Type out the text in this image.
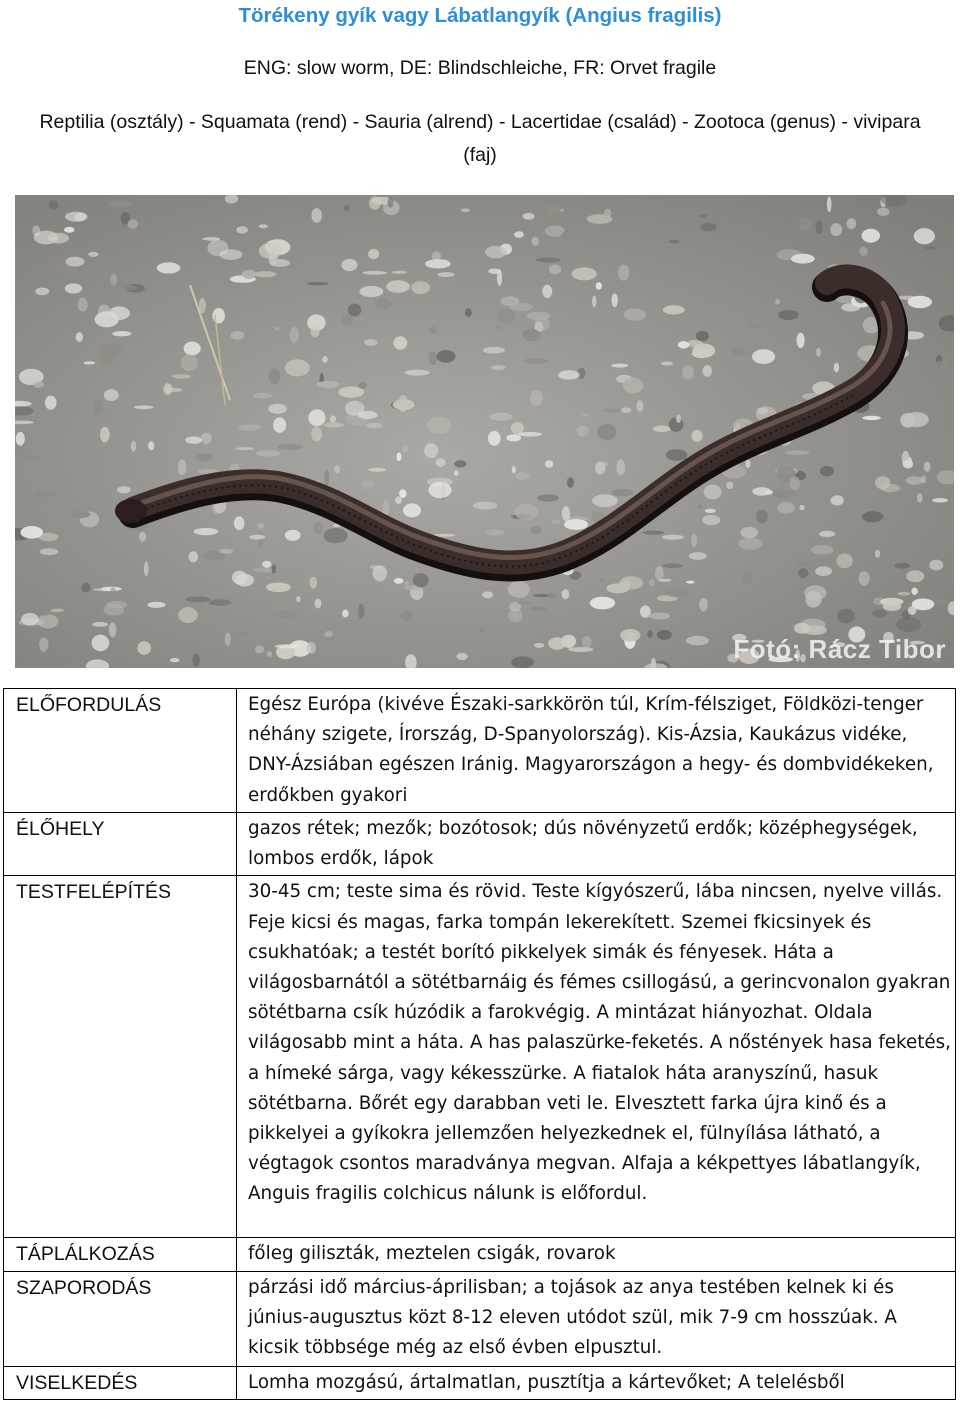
Törékeny gyík vagy Lábatlangyík (Angius fragilis)
ENG: slow worm, DE: Blindschleiche, FR: Orvet fragile
Reptilia (osztály) - Squamata (rend) - Sauria (alrend) - Lacertidae (család) - Zootoca (genus) - vivipara (faj)
Fotó: Rácz Tibor
ELŐFORDULÁS	Egész Európa (kivéve Északi-sarkkörön túl, Krím-félsziget, Földközi-tenger néhány szigete, Írország, D-Spanyolország). Kis-Ázsia, Kaukázus vidéke, DNY-Ázsiában egészen Iránig. Magyarországon a hegy- és dombvidékeken, erdőkben gyakori
ÉLŐHELY	gazos rétek; mezők; bozótosok; dús növényzetű erdők; középhegységek, lombos erdők, lápok
TESTFELÉPÍTÉS	30-45 cm; teste sima és rövid. Teste kígyószerű, lába nincsen, nyelve villás. Feje kicsi és magas, farka tompán lekerekített. Szemei fkicsinyek és csukhatóak; a testét borító pikkelyek simák és fényesek. Háta a világosbarnától a sötétbarnáig és fémes csillogású, a gerincvonalon gyakran sötétbarna csík húzódik a farokvégig. A mintázat hiányozhat. Oldala világosabb mint a háta. A has palaszürke-feketés. A nőstények hasa feketés, a hímeké sárga, vagy kékesszürke. A fiatalok háta aranyszínű, hasuk sötétbarna. Bőrét egy darabban veti le. Elvesztett farka újra kinő és a pikkelyei a gyíkokra jellemzően helyezkednek el, fülnyílása látható, a végtagok csontos maradványa megvan. Alfaja a kékpettyes lábatlangyík, Anguis fragilis colchicus nálunk is előfordul.
TÁPLÁLKOZÁS	főleg giliszták, meztelen csigák, rovarok
SZAPORODÁS	párzási idő március-áprilisban; a tojások az anya testében kelnek ki és június-augusztus közt 8-12 eleven utódot szül, mik 7-9 cm hosszúak. A kicsik többsége még az első évben elpusztul.
VISELKEDÉS	Lomha mozgású, ártalmatlan, pusztítja a kártevőket; A telelésből
